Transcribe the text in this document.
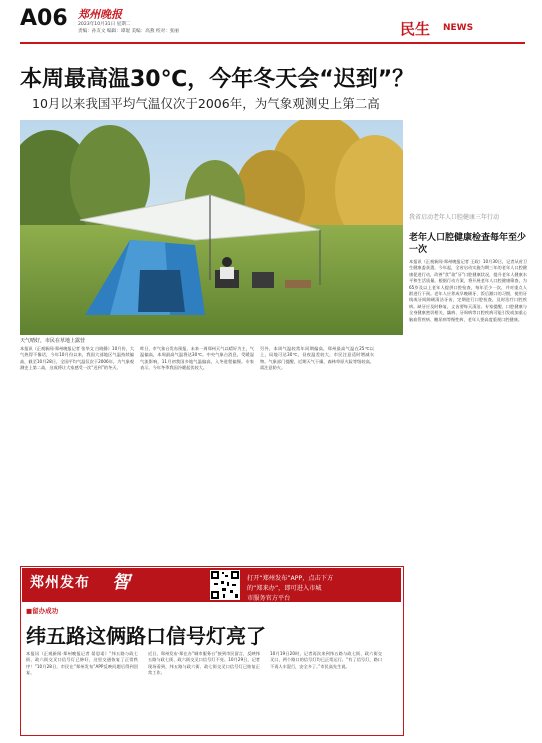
A06 郑州晚报
2023年10月31日 星期二
责编：孙友文 编辑：谭琨 美编：高燕 校对：张丽	民生 NEWS
本周最高温30℃，今年冬天会“迟到”？
10月以来我国平均气温仅次于2006年，为气象观测史上第二高
天气晴好，市民在草地上露营
本报讯（正观新闻·郑州晚报记者 张华文 白晓静）10月份，大气热得不像话，今年10月份以来，我国大部地区气温持续偏高，截至10月28日，全国平均气温仅次于2006年，为气象观测史上第二高，这或将让大家感受一次“迟到”的冬天。
昨日，市气象台发布预报，未来一周郑州天气以晴好为主，气温偏高，本周最高气温将达30℃。中央气象台消息，受暖湿气流影响，11月初我国多地气温偏高，入冬进程偏慢。专家表示，今年冬季我国冷暖起伏较大。
另外，本周气温较常年同期偏高，郑州最高气温在25℃以上，局地可达30℃，昼夜温差较大，市民注意适时增减衣物。气象部门提醒，近期天气干燥，森林草原火险等级较高，需注意防火。
我省启动老年人口腔健康三年行动
老年人口腔健康检查每年至少一次
本报讯（正观新闻·郑州晚报记者 王政）10月30日，记者从省卫生健康委获悉，今年起，全省启动实施为期三年的老年人口腔健康促进行动，改善“食”欲“牙”口腔健康状况，提升老年人健康水平和生活质量。根据行动方案，将开展老年人口腔健康筛查，为65岁及以上老年人提供口腔检查，每年至少一次，并对重点人群进行干预。老年人应养成早晚刷牙、饭后漱口的习惯，使用牙线或牙间隙刷清洁牙齿，定期进行口腔检查，及时治疗口腔疾病。缺牙应及时修复，义齿要每天清洁。专家提醒，口腔健康与全身健康密切相关，龋病、牙周病等口腔疾病可能引发或加重心脑血管疾病、糖尿病等慢性病，老年人要高度重视口腔健康。
郑州发布 智	打开“郑州发布”APP，点击下方
的“郑来办”，即可进入市城
市服务官方平台
■留办成功
纬五路这俩路口信号灯亮了
本报讯（正观新闻·郑州晚报记者 晏思诺）“纬五路与政七街、政六街交叉口信号灯已修好，这里交通恢复了正常秩序！”10月28日，市民在“郑州发布”APP反映问题后得到回复。
近日，郑州发布·郑在办“城市服务台”接到市民留言，反映纬五路与政七街、政六街交叉口信号灯不亮。10月29日，记者现场看到，纬五路与政六街、政七街交叉口信号灯已恢复正常工作。
10月19日20时，记者再次来到纬五路与政七街、政六街交叉口，两个路口的信号灯均已正常运行。“有了信号灯，路口不再人车混行，安全多了。”市民高先生说。
